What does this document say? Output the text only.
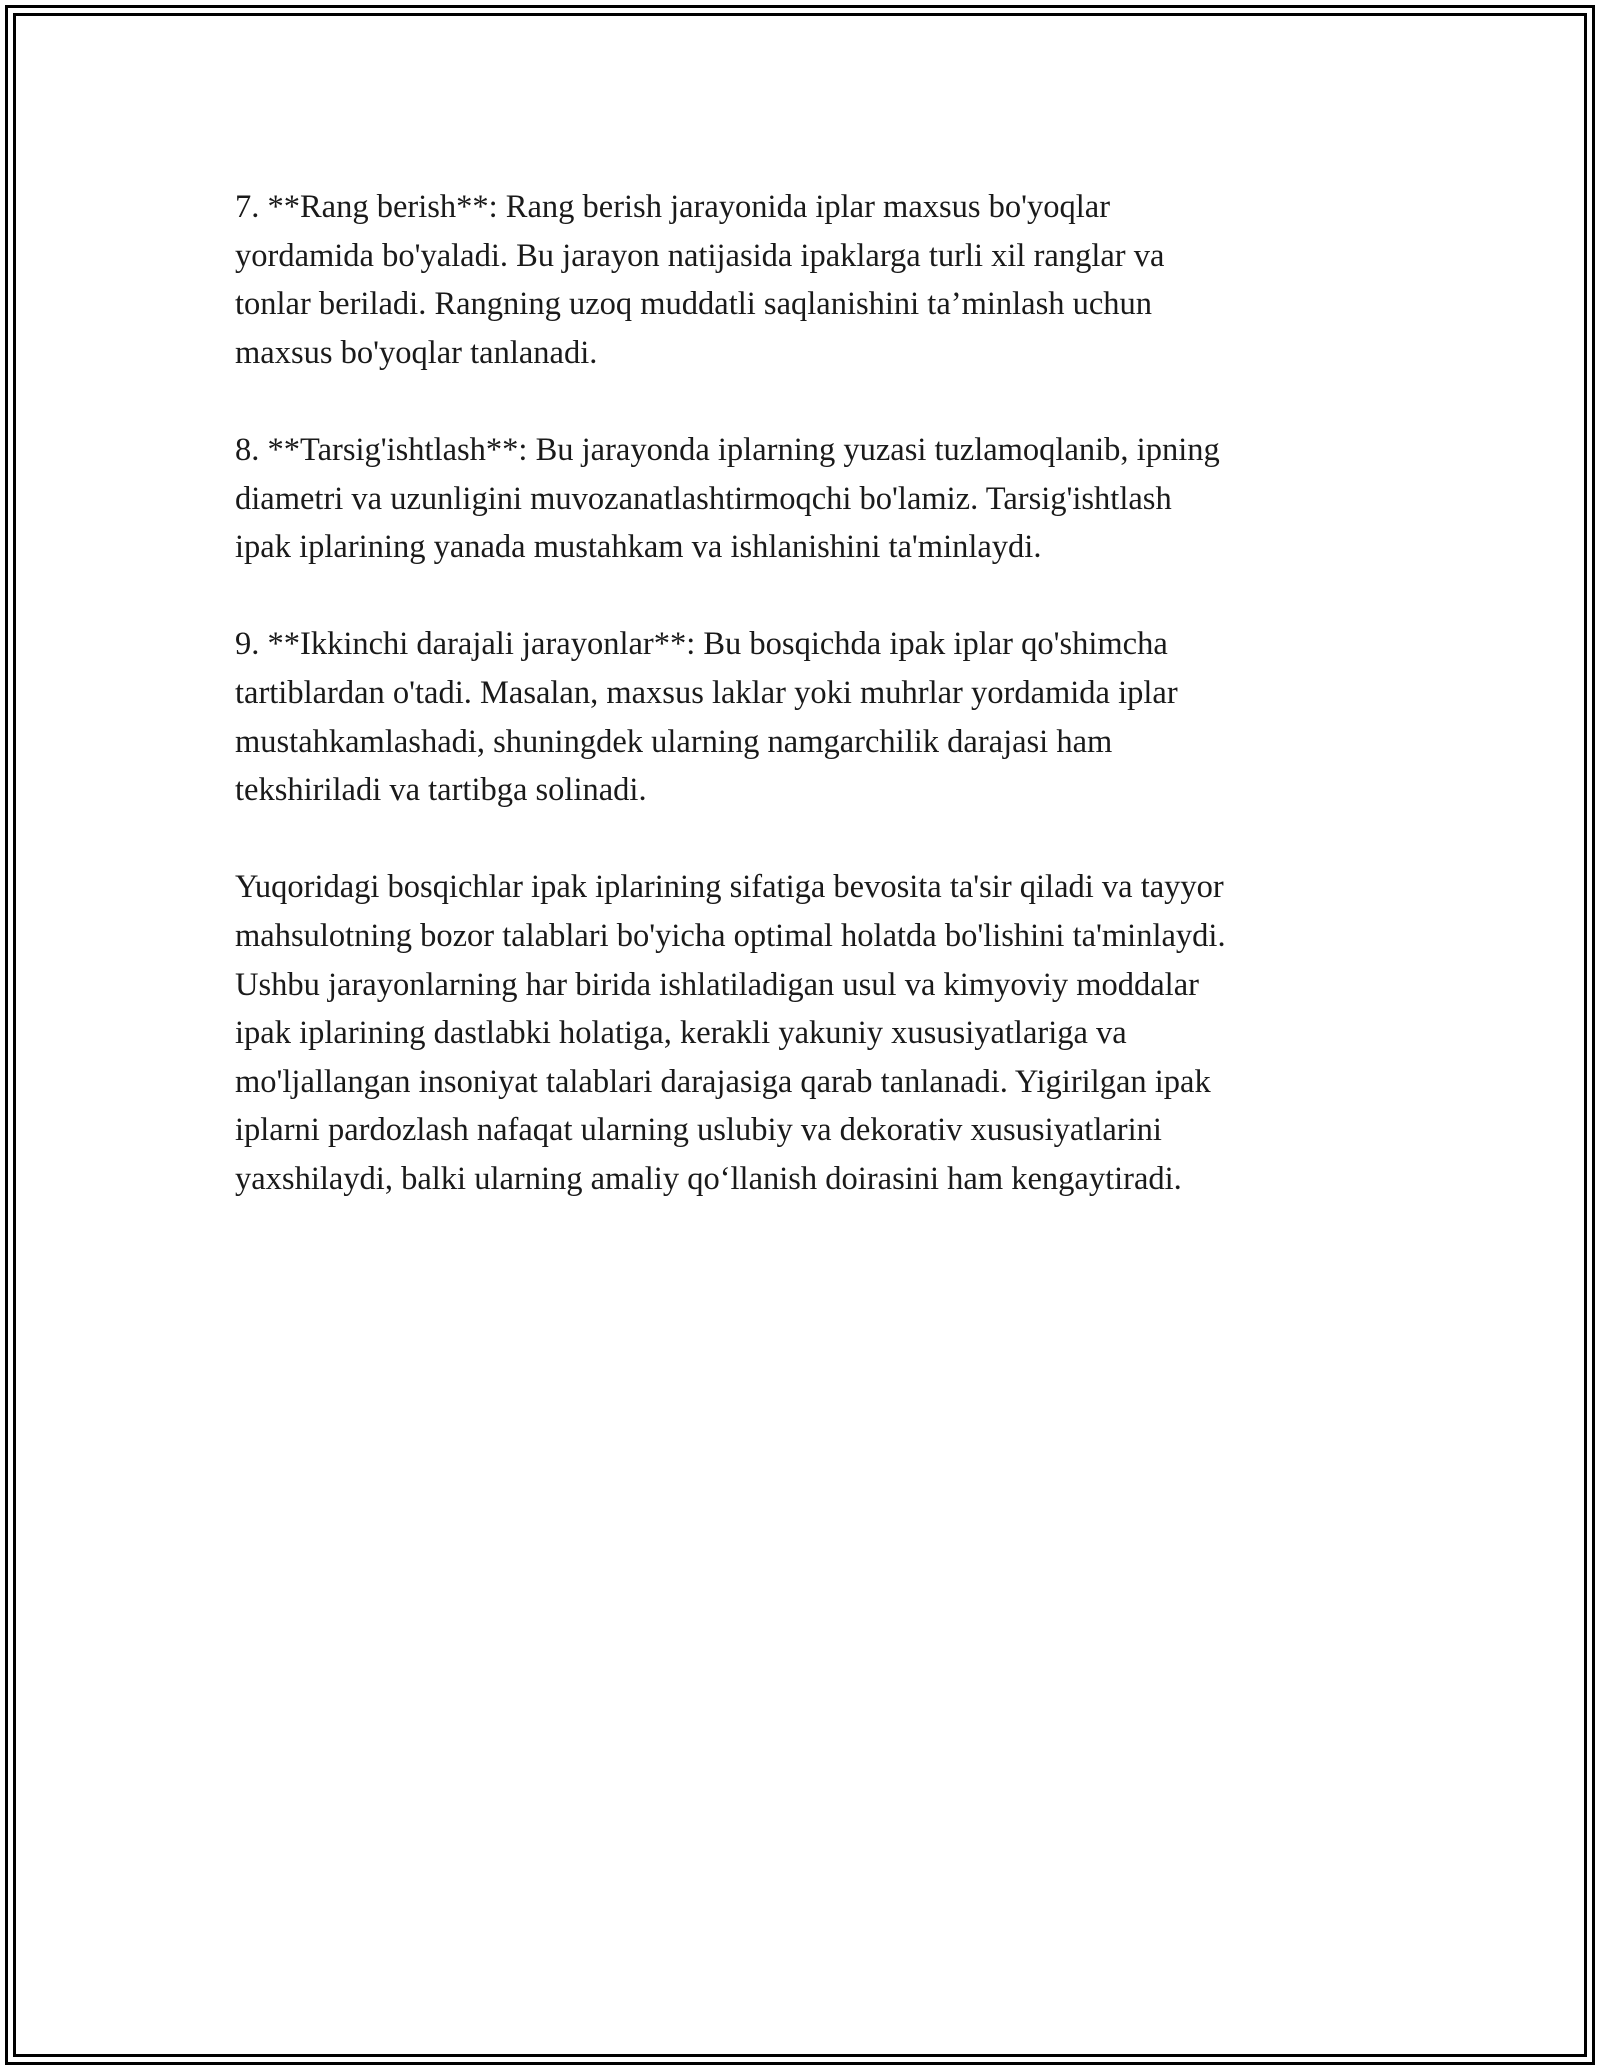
7. **Rang berish**: Rang berish jarayonida iplar maxsus bo'yoqlar
yordamida bo'yaladi. Bu jarayon natijasida ipaklarga turli xil ranglar va
tonlar beriladi. Rangning uzoq muddatli saqlanishini ta’minlash uchun
maxsus bo'yoqlar tanlanadi.

8. **Tarsig'ishtlash**: Bu jarayonda iplarning yuzasi tuzlamoqlanib, ipning
diametri va uzunligini muvozanatlashtirmoqchi bo'lamiz. Tarsig'ishtlash
ipak iplarining yanada mustahkam va ishlanishini ta'minlaydi.

9. **Ikkinchi darajali jarayonlar**: Bu bosqichda ipak iplar qo'shimcha
tartiblardan o'tadi. Masalan, maxsus laklar yoki muhrlar yordamida iplar
mustahkamlashadi, shuningdek ularning namgarchilik darajasi ham
tekshiriladi va tartibga solinadi.

Yuqoridagi bosqichlar ipak iplarining sifatiga bevosita ta'sir qiladi va tayyor
mahsulotning bozor talablari bo'yicha optimal holatda bo'lishini ta'minlaydi.
Ushbu jarayonlarning har birida ishlatiladigan usul va kimyoviy moddalar
ipak iplarining dastlabki holatiga, kerakli yakuniy xususiyatlariga va
mo'ljallangan insoniyat talablari darajasiga qarab tanlanadi. Yigirilgan ipak
iplarni pardozlash nafaqat ularning uslubiy va dekorativ xususiyatlarini
yaxshilaydi, balki ularning amaliy qo‘llanish doirasini ham kengaytiradi.
